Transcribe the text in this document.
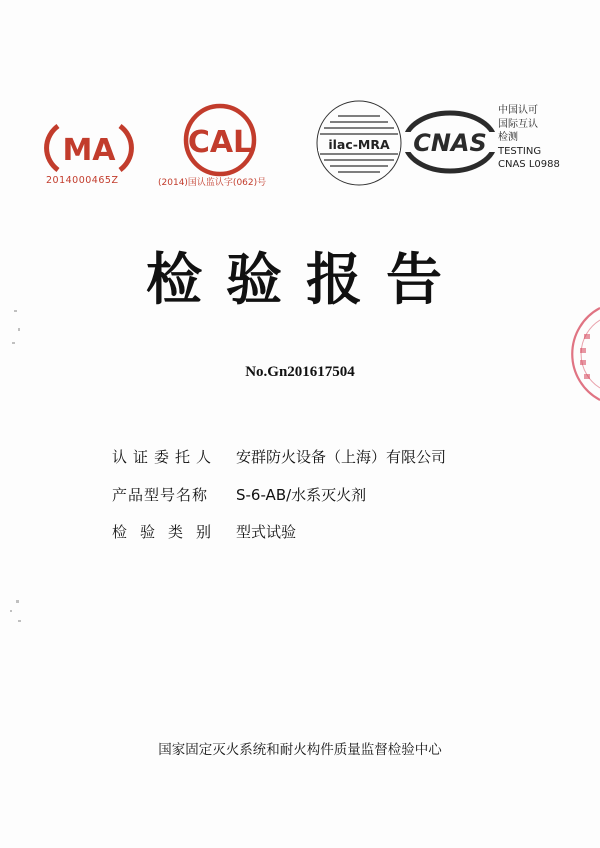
MA
2014000465Z
CAL
(2014)国认监认字(062)号
ilac-MRA CNAS
中国认可
国际互认
检测
TESTING
CNAS L0988
检验报告
No.Gn201617504
认证委托人 安群防火设备（上海）有限公司
产品型号名称 S-6-AB/水系灭火剂
检验类别 型式试验
国家固定灭火系统和耐火构件质量监督检验中心
